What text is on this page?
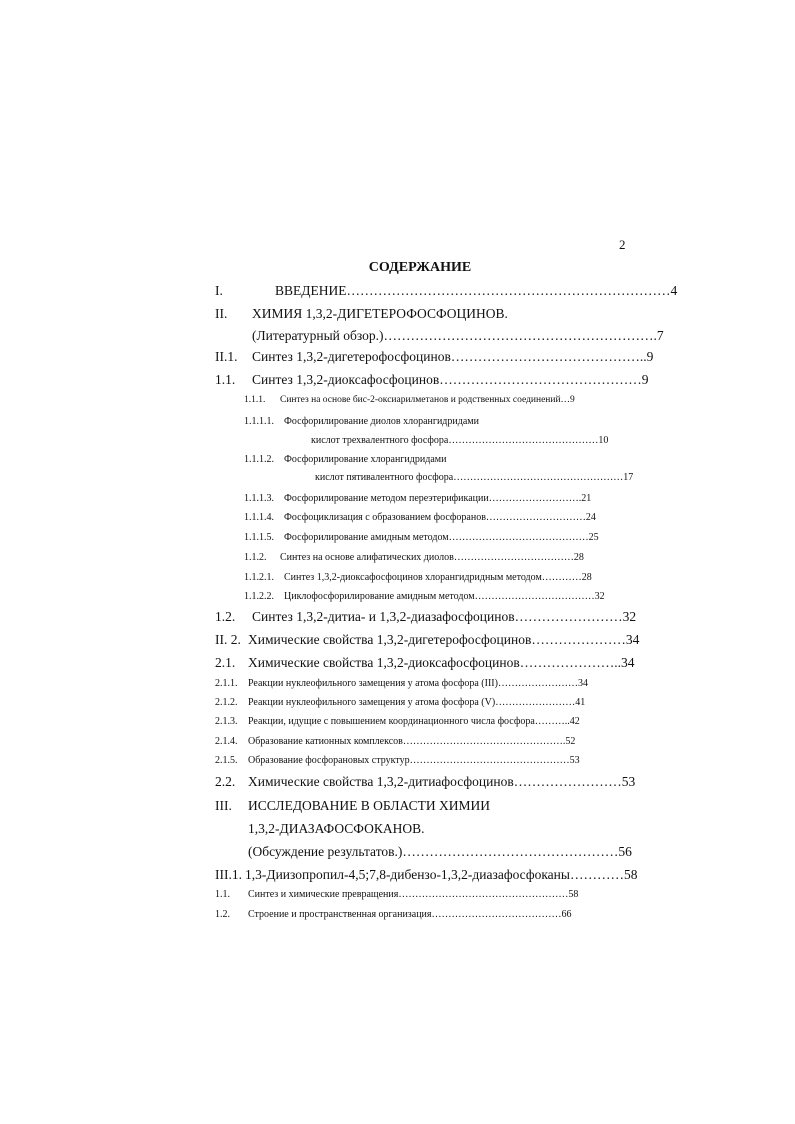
2
СОДЕРЖАНИЕ
I.	ВВЕДЕНИЕ………………………………………………………………4
II. ХИМИЯ 1,3,2-ДИГЕТЕРОФОСФОЦИНОВ.
(Литературный обзор.)…………………………………………………….7
II.1. Синтез 1,3,2-дигетерофосфоцинов……………………………………..9
1.1. Синтез 1,3,2-диоксафосфоцинов………………………………………9
1.1.1. Синтез на основе бис-2-оксиарилметанов и родственных соединений…9
1.1.1.1. Фосфорилирование диолов хлорангидридами
кислот трехвалентного фосфора………………………………………10
1.1.1.2. Фосфорилирование хлорангидридами
кислот пятивалентного фосфора……………………………………………17
1.1.1.3. Фосфорилирование методом переэтерификации……………………….21
1.1.1.4. Фосфоциклизация с образованием фосфоранов…………………………24
1.1.1.5. Фосфорилирование амидным методом……………………………………25
1.1.2. Синтез на основе алифатических диолов………………………………28
1.1.2.1. Синтез 1,3,2-диоксафосфоцинов хлорангидридным методом…………28
1.1.2.2. Циклофосфорилирование амидным методом………………………………32
1.2. Синтез 1,3,2-дитиа- и 1,3,2-диазафосфоцинов……………………32
II. 2. Химические свойства 1,3,2-дигетерофосфоцинов…………………34
2.1. Химические свойства 1,3,2-диоксафосфоцинов…………………..34
2.1.1. Реакции нуклеофильного замещения у атома фосфора (III)……………………34
2.1.2. Реакции нуклеофильного замещения у атома фосфора (V)……………………41
2.1.3. Реакции, идущие с повышением координационного числа фосфора………..42
2.1.4. Образование катионных комплексов………………………………………….52
2.1.5. Образование фосфорановых структур…………………………………………53
2.2. Химические свойства 1,3,2-дитиафосфоцинов……………………53
III. ИССЛЕДОВАНИЕ В ОБЛАСТИ ХИМИИ
1,3,2-ДИАЗАФОСФОКАНОВ.
(Обсуждение результатов.)…………………………………………56
III.1. 1,3-Диизопропил-4,5;7,8-дибензо-1,3,2-диазафосфоканы…………58
1.1. Синтез и химические превращения……………………………………………58
1.2. Строение и пространственная организация…………………………………66
